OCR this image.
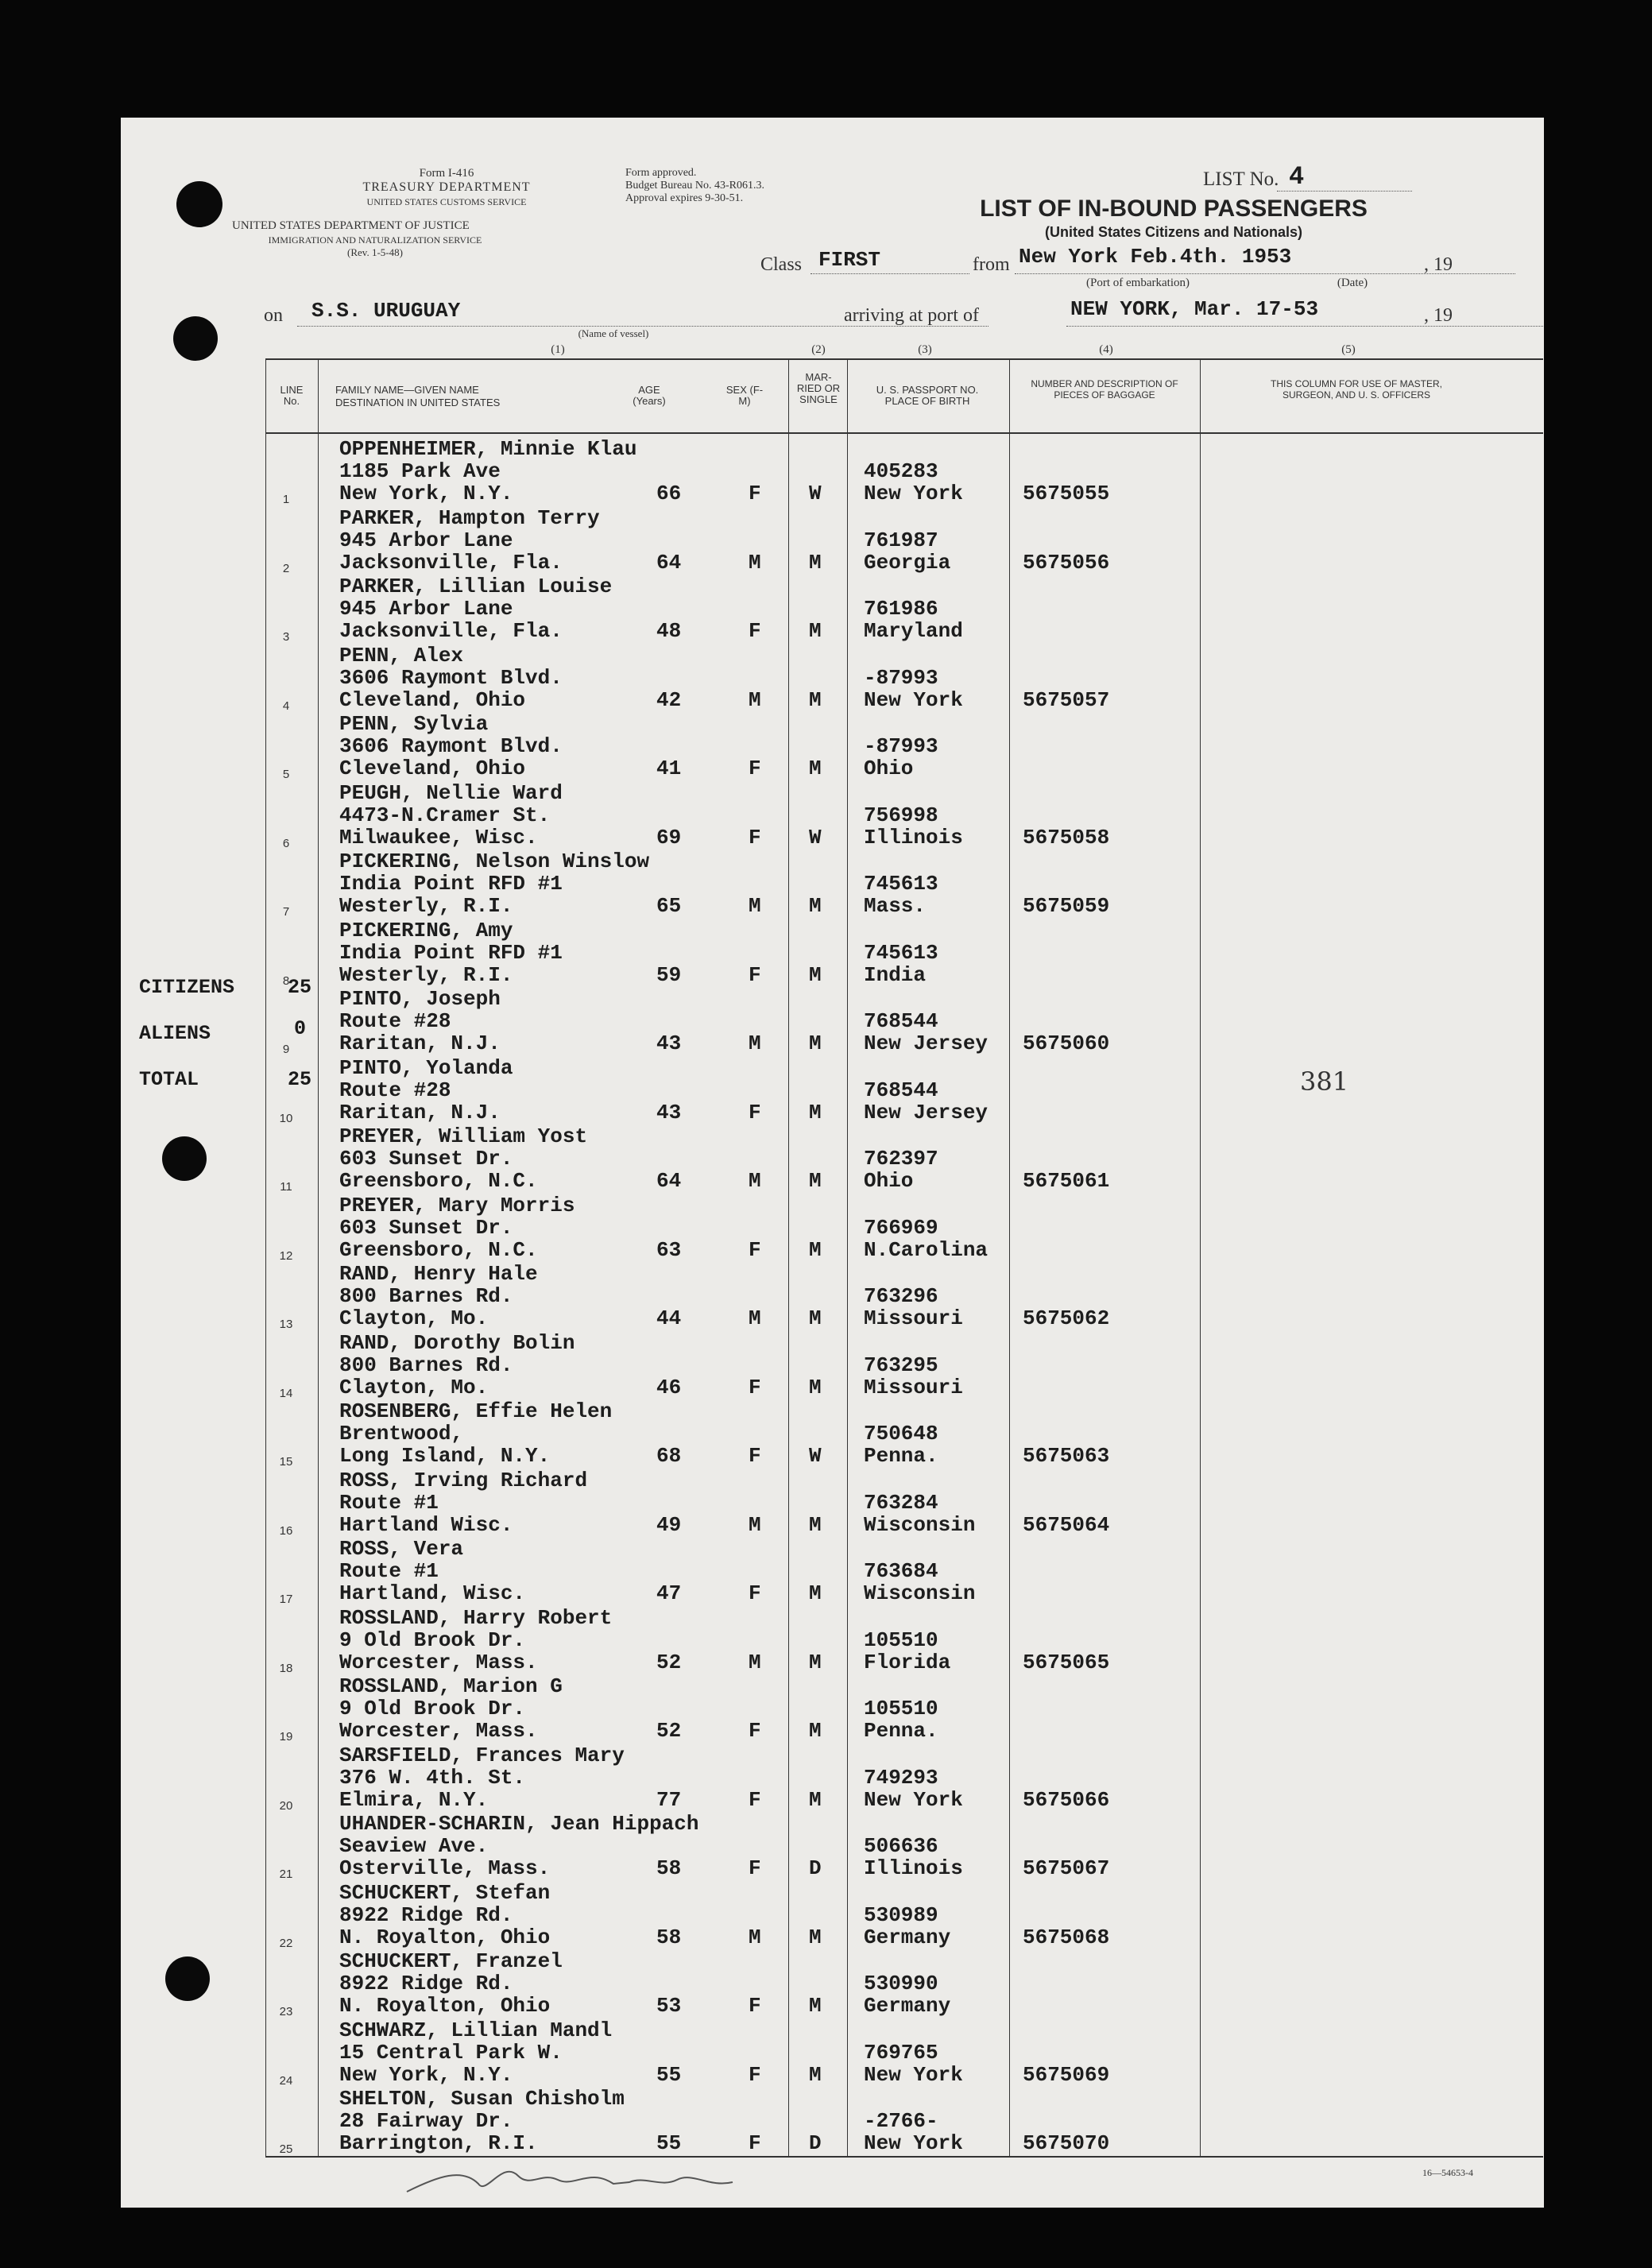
Form I-416
TREASURY DEPARTMENT
UNITED STATES CUSTOMS SERVICE
UNITED STATES DEPARTMENT OF JUSTICE
IMMIGRATION AND NATURALIZATION SERVICE
(Rev. 1-5-48)
Form approved.
Budget Bureau No. 43-R061.3.
Approval expires 9-30-51.
LIST No. 4
LIST OF IN-BOUND PASSENGERS
(United States Citizens and Nationals)
Class FIRST	from New York Feb.4th. 1953	, 19
(Port of embarkation)	(Date)
on S.S. URUGUAY	arriving at port of	NEW YORK, Mar. 17-53	, 19
(Name of vessel)
(1)	(2)	(3)	(4)	(5)
LINE No.
FAMILY NAME—GIVEN NAME
DESTINATION IN UNITED STATES
AGE (Years)
SEX (F-M)
MAR-RIED OR SINGLE
U. S. PASSPORT NO. PLACE OF BIRTH
NUMBER AND DESCRIPTION OF PIECES OF BAGGAGE
THIS COLUMN FOR USE OF MASTER, SURGEON, AND U. S. OFFICERS
1
OPPENHEIMER, Minnie Klau
1185 Park Ave
New York, N.Y.	66	F W
405283
New York	5675055
2
PARKER, Hampton Terry
945 Arbor Lane
Jacksonville, Fla.	64	M M
761987
Georgia	5675056
3
PARKER, Lillian Louise
945 Arbor Lane
Jacksonville, Fla.	48	F M
761986
Maryland
4
PENN, Alex
3606 Raymont Blvd.
Cleveland, Ohio	42	M M
-87993
New York	5675057
5
PENN, Sylvia
3606 Raymont Blvd.
Cleveland, Ohio	41	F M
-87993
Ohio
6
PEUGH, Nellie Ward
4473-N.Cramer St.
Milwaukee, Wisc.	69	F W
756998
Illinois	5675058
7
PICKERING, Nelson Winslow
India Point RFD #1
Westerly, R.I.	65	M M
745613
Mass.	5675059
8
PICKERING, Amy
India Point RFD #1
Westerly, R.I.	59	F M
745613
India
9
PINTO, Joseph
Route #28
Raritan, N.J.	43	M M
768544
New Jersey 5675060
10
PINTO, Yolanda
Route #28
Raritan, N.J.	43	F M
768544
New Jersey
11
PREYER, William Yost
603 Sunset Dr.
Greensboro, N.C.	64	M M
762397
Ohio	5675061
12
PREYER, Mary Morris
603 Sunset Dr.
Greensboro, N.C.	63	F M
766969
N.Carolina
13
RAND, Henry Hale
800 Barnes Rd.
Clayton, Mo.	44	M M
763296
Missouri	5675062
14
RAND, Dorothy Bolin
800 Barnes Rd.
Clayton, Mo.	46	F M
763295
Missouri
15
ROSENBERG, Effie Helen
Brentwood,
Long Island, N.Y.	68	F W
750648
Penna.	5675063
16
ROSS, Irving Richard
Route #1
Hartland Wisc.	49	M M
763284
Wisconsin 5675064
17
ROSS, Vera
Route #1
Hartland, Wisc.	47	F M
763684
Wisconsin
18
ROSSLAND, Harry Robert
9 Old Brook Dr.
Worcester, Mass.	52	M M
105510
Florida	5675065
19
ROSSLAND, Marion G
9 Old Brook Dr.
Worcester, Mass.	52	F M
105510
Penna.
20
SARSFIELD, Frances Mary
376 W. 4th. St.
Elmira, N.Y.	77	F M
749293
New York	5675066
21
UHANDER-SCHARIN, Jean Hippach
Seaview Ave.
Osterville, Mass.	58	F D
506636
Illinois	5675067
22
SCHUCKERT, Stefan
8922 Ridge Rd.
N. Royalton, Ohio	58	M M
530989
Germany	5675068
23
SCHUCKERT, Franzel
8922 Ridge Rd.
N. Royalton, Ohio	53	F M
530990
Germany
24
SCHWARZ, Lillian Mandl
15 Central Park W.
New York, N.Y.	55	F M
769765
New York	5675069
25
SHELTON, Susan Chisholm
28 Fairway Dr.
Barrington, R.I.	55	F D
-2766-
New York	5675070
CITIZENS	25
ALIENS	0
TOTAL	25	381
16—54653-4
